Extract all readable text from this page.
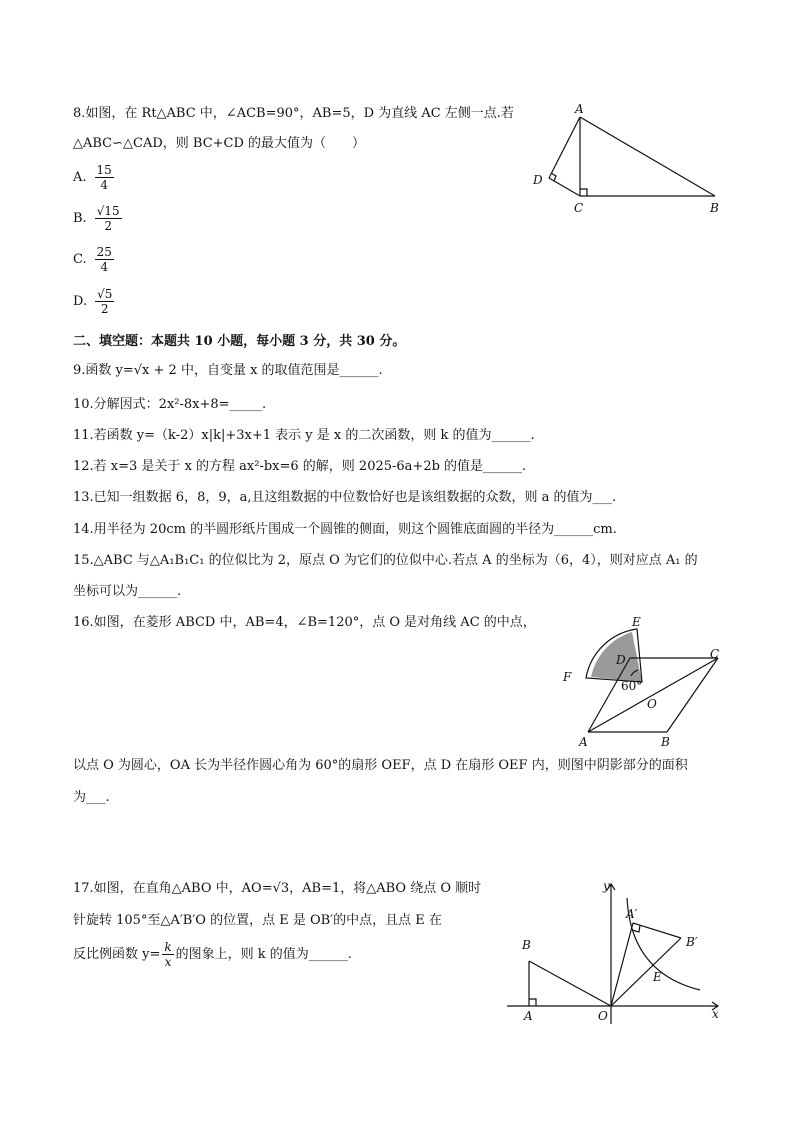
8.如图，在 Rt△ABC 中，∠ACB=90°，AB=5，D 为直线 AC 左侧一点.若
△ABC∽△CAD，则 BC+CD 的最大值为（　　）
A. $\frac{15}{4}$
B. $\frac{√15}{2}$
C. $\frac{25}{4}$
D. $\frac{√5}{2}$
A
D
C	B
二、填空题：本题共 10 小题，每小题 3 分，共 30 分。
9.函数 y=√x + 2 中，自变量 x 的取值范围是______.
10.分解因式：2x²-8x+8=_____.
11.若函数 y=（k-2）x|k|+3x+1 表示 y 是 x 的二次函数，则 k 的值为______.
12.若 x=3 是关于 x 的方程 ax²-bx=6 的解，则 2025-6a+2b 的值是______.
13.已知一组数据 6，8，9，a,且这组数据的中位数恰好也是该组数据的众数，则 a 的值为___.
14.用半径为 20cm 的半圆形纸片围成一个圆锥的侧面，则这个圆锥底面圆的半径为______cm.
15.△ABC 与△A₁B₁C₁ 的位似比为 2，原点 O 为它们的位似中心.若点 A 的坐标为（6，4），则对应点 A₁ 的
坐标可以为______.
16.如图，在菱形 ABCD 中，AB=4，∠B=120°，点 O 是对角线 AC 的中点，	E
D	C
F
60°
O
A	B
以点 O 为圆心，OA 长为半径作圆心角为 60°的扇形 OEF，点 D 在扇形 OEF 内，则图中阴影部分的面积
为___.
17.如图，在直角△ABO 中，AO=√3，AB=1，将△ABO 绕点 O 顺时
针旋转 105°至△A′B′O 的位置，点 E 是 OB′的中点，且点 E 在
反比例函数 $y= \frac{k}{x}$ 的图象上，则 k 的值为______.
y
x
A′
B′
B
E
A	O
